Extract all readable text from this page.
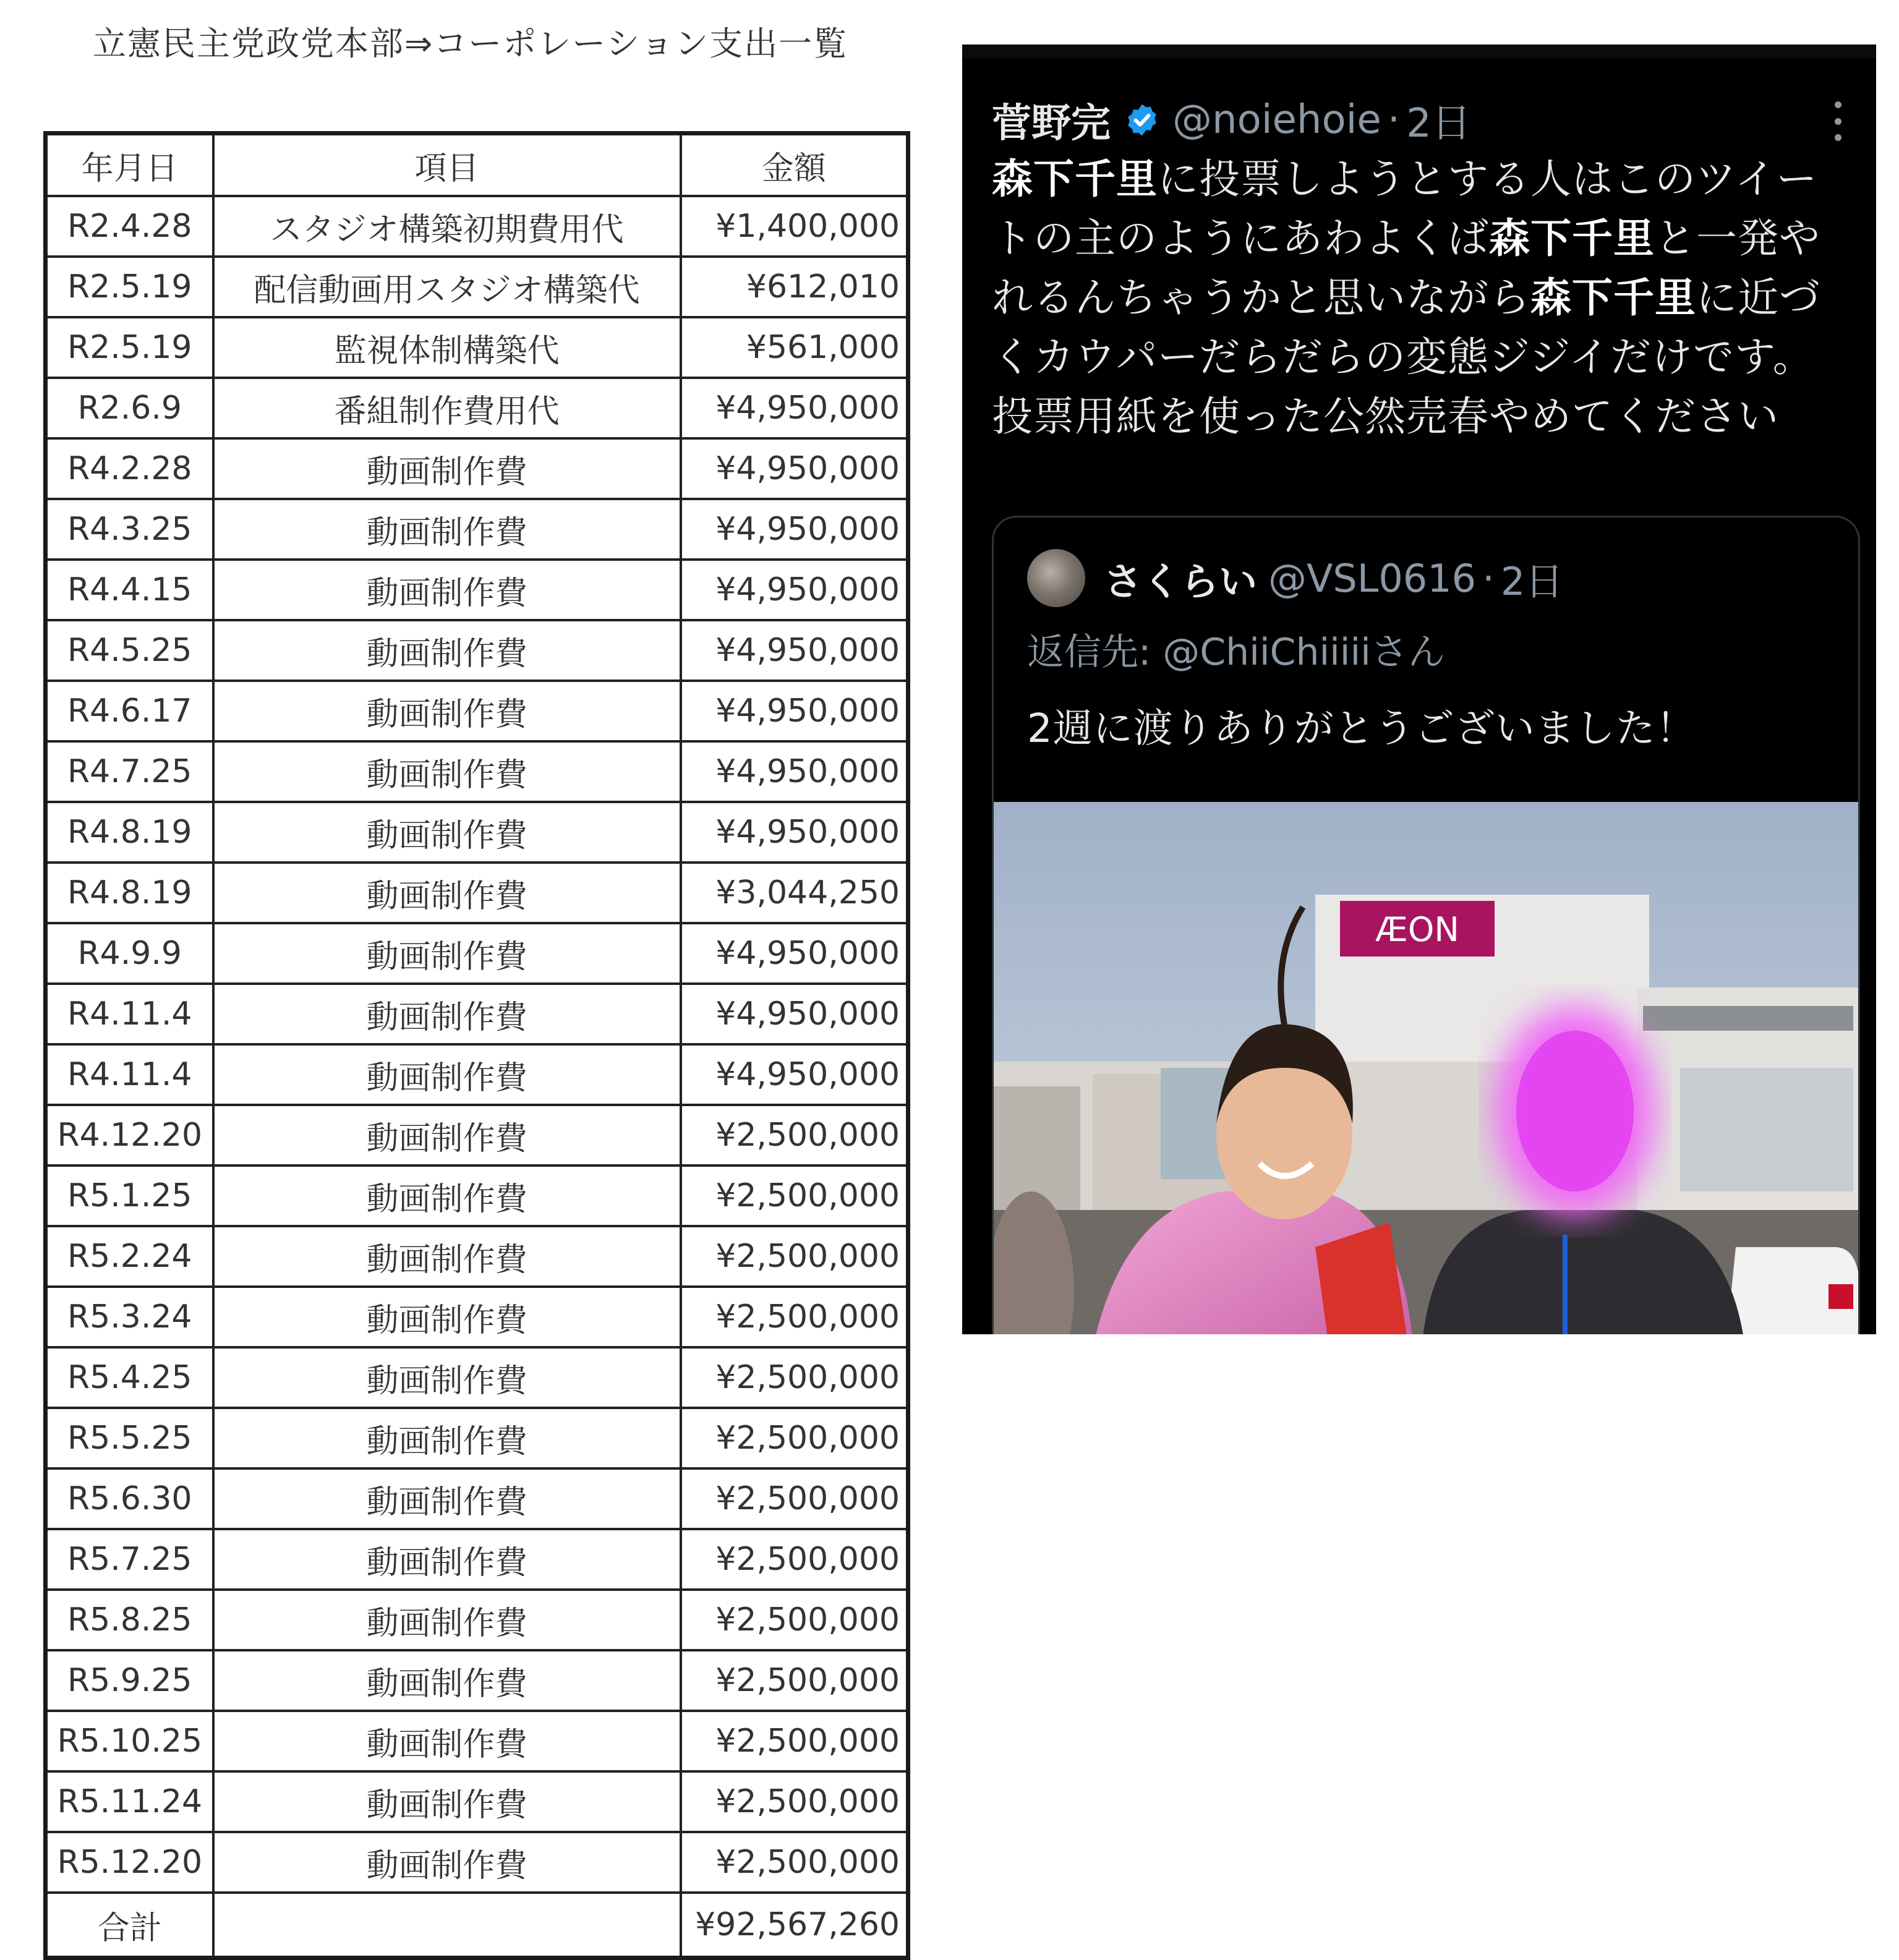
立憲民主党政党本部⇒コーポレーション支出一覧
年月日	項目	金額
R2.4.28	スタジオ構築初期費用代	¥1,400,000
R2.5.19	配信動画用スタジオ構築代	¥612,010
R2.5.19	監視体制構築代	¥561,000
R2.6.9	番組制作費用代	¥4,950,000
R4.2.28	動画制作費	¥4,950,000
R4.3.25	動画制作費	¥4,950,000
R4.4.15	動画制作費	¥4,950,000
R4.5.25	動画制作費	¥4,950,000
R4.6.17	動画制作費	¥4,950,000
R4.7.25	動画制作費	¥4,950,000
R4.8.19	動画制作費	¥4,950,000
R4.8.19	動画制作費	¥3,044,250
R4.9.9	動画制作費	¥4,950,000
R4.11.4	動画制作費	¥4,950,000
R4.11.4	動画制作費	¥4,950,000
R4.12.20	動画制作費	¥2,500,000
R5.1.25	動画制作費	¥2,500,000
R5.2.24	動画制作費	¥2,500,000
R5.3.24	動画制作費	¥2,500,000
R5.4.25	動画制作費	¥2,500,000
R5.5.25	動画制作費	¥2,500,000
R5.6.30	動画制作費	¥2,500,000
R5.7.25	動画制作費	¥2,500,000
R5.8.25	動画制作費	¥2,500,000
R5.9.25	動画制作費	¥2,500,000
R5.10.25	動画制作費	¥2,500,000
R5.11.24	動画制作費	¥2,500,000
R5.12.20	動画制作費	¥2,500,000
合計		¥92,567,260
菅野完 @noiehoie · 2日
森下千里に投票しようとする人はこのツイートの主のようにあわよくば森下千里と一発やれるんちゃうかと思いながら森下千里に近づくカウパーだらだらの変態ジジイだけです。投票用紙を使った公然売春やめてください
さくらい @VSL0616 · 2日
返信先: @ChiiChiiiiiさん
2週に渡りありがとうございました！
ÆON
